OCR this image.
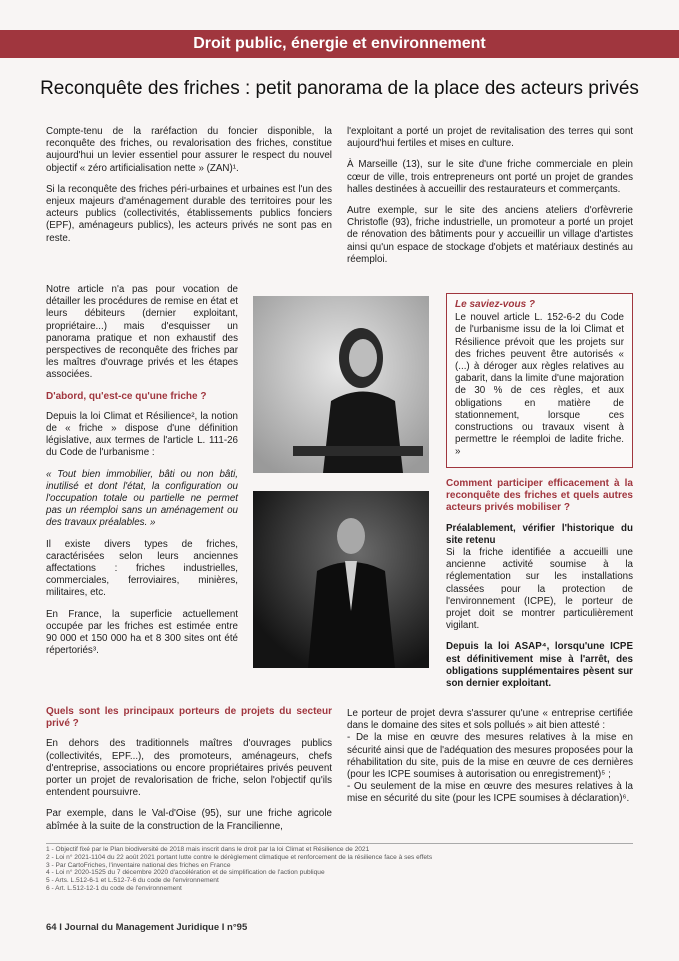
Droit public, énergie et environnement
Reconquête des friches : petit panorama de la place des acteurs privés

Compte-tenu de la raréfaction du foncier disponible, la reconquête des friches, ou revalorisation des friches, constitue aujourd'hui un levier essentiel pour assurer le respect du nouvel objectif « zéro artificialisation nette » (ZAN)¹.

Si la reconquête des friches péri-urbaines et urbaines est l'un des enjeux majeurs d'aménagement durable des territoires pour les acteurs publics (collectivités, établissements publics fonciers (EPF), aménageurs publics), les acteurs privés ne sont pas en reste.

Notre article n'a pas pour vocation de détailler les procédures de remise en état et leurs débiteurs (dernier exploitant, propriétaire...) mais d'esquisser un panorama pratique et non exhaustif des perspectives de reconquête des friches par les maîtres d'ouvrage privés et les étapes associées.

D'abord, qu'est-ce qu'une friche ?

Depuis la loi Climat et Résilience², la notion de « friche » dispose d'une définition législative, aux termes de l'article L. 111-26 du Code de l'urbanisme :

« Tout bien immobilier, bâti ou non bâti, inutilisé et dont l'état, la configuration ou l'occupation totale ou partielle ne permet pas un réemploi sans un aménagement ou des travaux préalables. »

Il existe divers types de friches, caractérisées selon leurs anciennes affectations : friches industrielles, commerciales, ferroviaires, minières, militaires, etc.

En France, la superficie actuellement occupée par les friches est estimée entre 90 000 et 150 000 ha et 8 300 sites ont été répertoriés³.

Quels sont les principaux porteurs de projets du secteur privé ?

En dehors des traditionnels maîtres d'ouvrages publics (collectivités, EPF...), des promoteurs, aménageurs, chefs d'entreprise, associations ou encore propriétaires privés peuvent porter un projet de revalorisation de friche, selon l'objectif qu'ils entendent poursuivre.

Par exemple, dans le Val-d'Oise (95), sur une friche agricole abîmée à la suite de la construction de la Francilienne,

l'exploitant a porté un projet de revitalisation des terres qui sont aujourd'hui fertiles et mises en culture.

À Marseille (13), sur le site d'une friche commerciale en plein cœur de ville, trois entrepreneurs ont porté un projet de grandes halles destinées à accueillir des restaurateurs et commerçants.

Autre exemple, sur le site des anciens ateliers d'orfèvrerie Christofle (93), friche industrielle, un promoteur a porté un projet de rénovation des bâtiments pour y accueillir un village d'artistes ainsi qu'un espace de stockage d'objets et matériaux destinés au réemploi.

Le saviez-vous ?

Le nouvel article L. 152-6-2 du Code de l'urbanisme issu de la loi Climat et Résilience prévoit que les projets sur des friches peuvent être autorisés « (...) à déroger aux règles relatives au gabarit, dans la limite d'une majoration de 30 % de ces règles, et aux obligations en matière de stationnement, lorsque ces constructions ou travaux visent à permettre le réemploi de ladite friche. »

Comment participer efficacement à la reconquête des friches et quels autres acteurs privés mobiliser ?

Préalablement, vérifier l'historique du site retenu

Si la friche identifiée a accueilli une ancienne activité soumise à la réglementation sur les installations classées pour la protection de l'environnement (ICPE), le porteur de projet doit se montrer particulièrement vigilant.

Depuis la loi ASAP⁴, lorsqu'une ICPE est définitivement mise à l'arrêt, des obligations supplémentaires pèsent sur son dernier exploitant.

Le porteur de projet devra s'assurer qu'une « entreprise certifiée dans le domaine des sites et sols pollués » ait bien attesté :

- De la mise en œuvre des mesures relatives à la mise en sécurité ainsi que de l'adéquation des mesures proposées pour la réhabilitation du site, puis de la mise en œuvre de ces dernières (pour les ICPE soumises à autorisation ou enregistrement)⁵ ;

- Ou seulement de la mise en œuvre des mesures relatives à la mise en sécurité du site (pour les ICPE soumises à déclaration)⁶.

1 - Objectif fixé par le Plan biodiversité de 2018 mais inscrit dans le droit par la loi Climat et Résilience de 2021
2 - Loi n° 2021-1104 du 22 août 2021 portant lutte contre le dérèglement climatique et renforcement de la résilience face à ses effets
3 - Par CartoFriches, l'inventaire national des friches en France
4 - Loi n° 2020-1525 du 7 décembre 2020 d'accélération et de simplification de l'action publique
5 - Arts. L.512-6-1 et L.512-7-6 du code de l'environnement
6 - Art. L.512-12-1 du code de l'environnement
64 I Journal du Management Juridique I n°95
